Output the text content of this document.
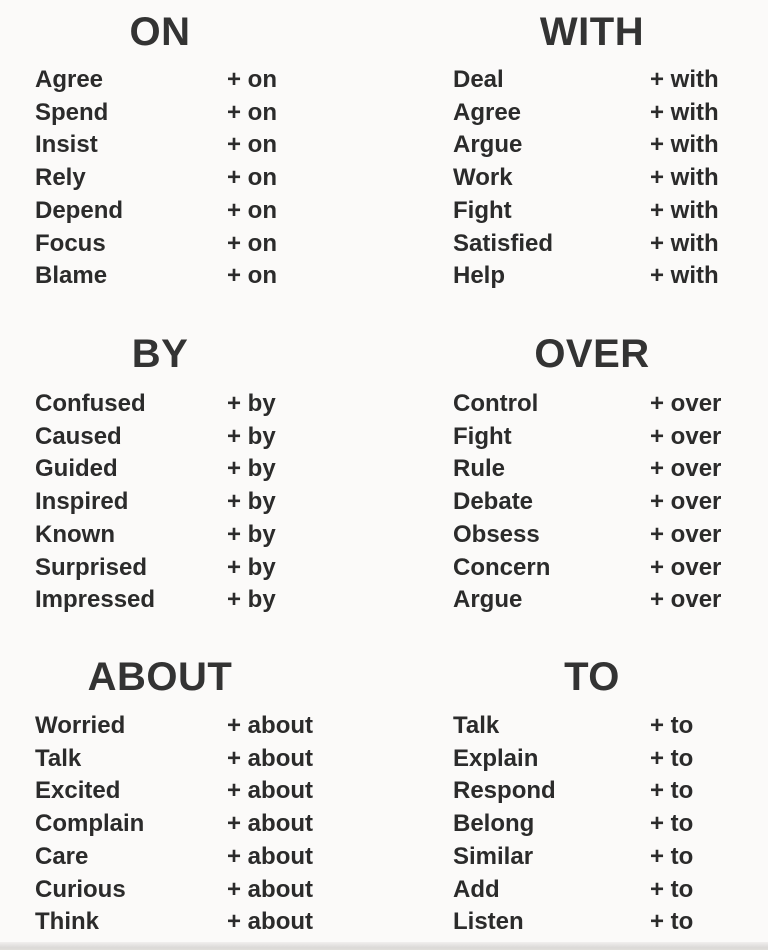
ON
Agree	+ on
Spend	+ on
Insist	+ on
Rely	+ on
Depend	+ on
Focus	+ on
Blame	+ on
WITH
Deal	+ with
Agree	+ with
Argue	+ with
Work	+ with
Fight	+ with
Satisfied	+ with
Help	+ with
BY
Confused	+ by
Caused	+ by
Guided	+ by
Inspired	+ by
Known	+ by
Surprised	+ by
Impressed	+ by
OVER
Control	+ over
Fight	+ over
Rule	+ over
Debate	+ over
Obsess	+ over
Concern	+ over
Argue	+ over
ABOUT
Worried	+ about
Talk	+ about
Excited	+ about
Complain	+ about
Care	+ about
Curious	+ about
Think	+ about
TO
Talk	+ to
Explain	+ to
Respond	+ to
Belong	+ to
Similar	+ to
Add	+ to
Listen	+ to
